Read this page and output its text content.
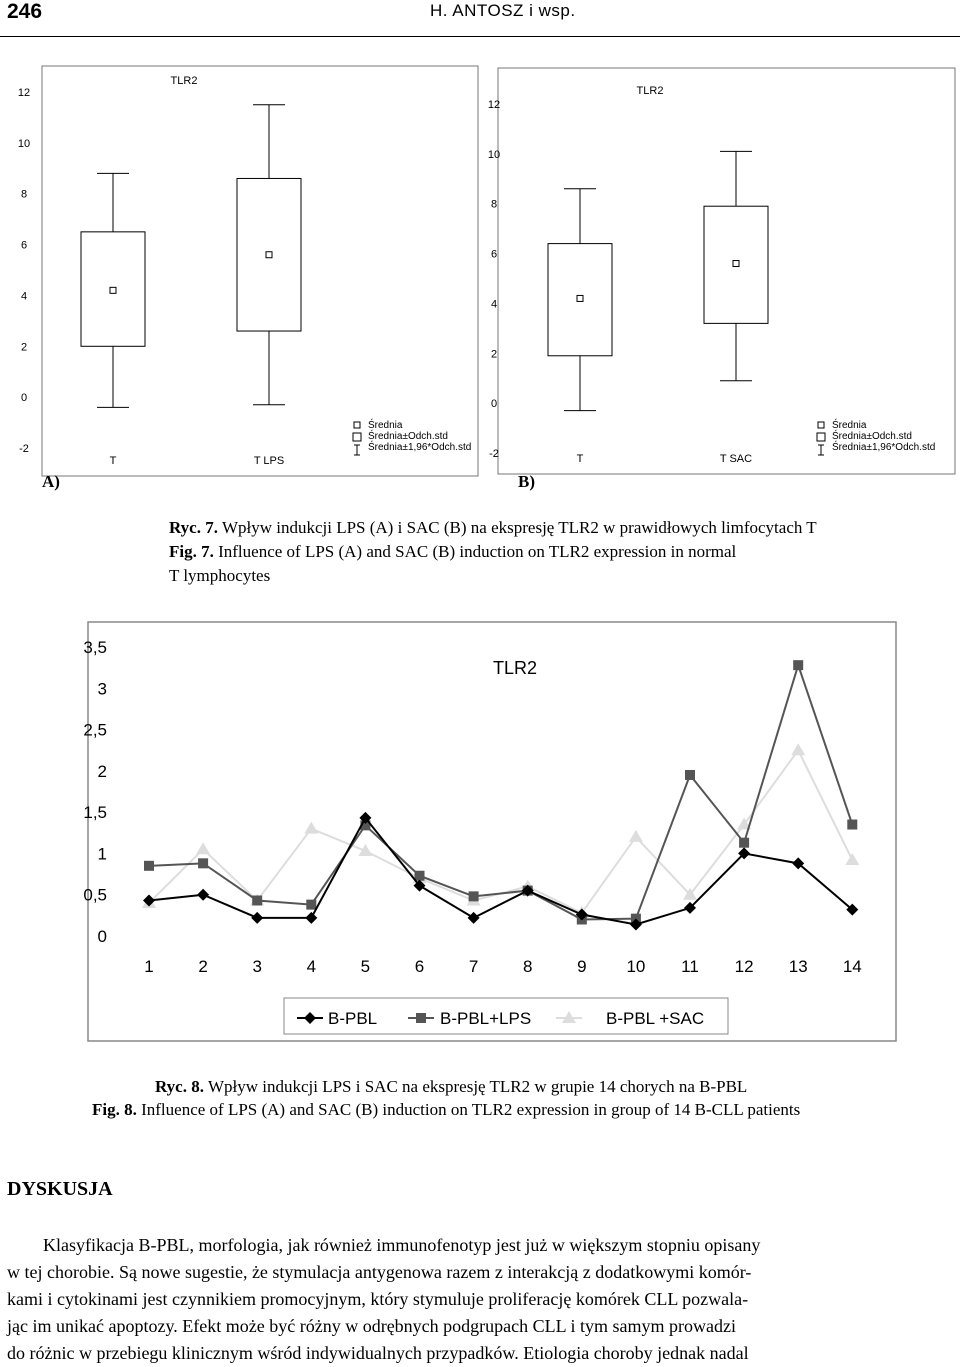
246	H. ANTOSZ i wsp.
TLR2
-2
0
2
4
6
8
10
12
T	T LPS
Średnia
Średnia±Odch.std
Średnia±1,96*Odch.std
TLR2
-2
0
2
4
6
8
10
12
T	T SAC
Średnia
Średnia±Odch.std
Średnia±1,96*Odch.std
A)	B)
Ryc. 7. Wpływ indukcji LPS (A) i SAC (B) na ekspresję TLR2 w prawidłowych limfocytach T
Fig. 7. Influence of LPS (A) and SAC (B) induction on TLR2 expression in normal
T lymphocytes
TLR2
0
0,5
1
1,5
2
2,5
3
3,5
1	2	3	4	5	6	7	8	9 10 11 12 13 14
B-PBL	B-PBL+LPS	B-PBL +SAC
Ryc. 8. Wpływ indukcji LPS i SAC na ekspresję TLR2 w grupie 14 chorych na B-PBL
Fig. 8. Influence of LPS (A) and SAC (B) induction on TLR2 expression in group of 14 B-CLL patients
DYSKUSJA
Klasyfikacja B-PBL, morfologia, jak również immunofenotyp jest już w większym stopniu opisany
w tej chorobie. Są nowe sugestie, że stymulacja antygenowa razem z interakcją z dodatkowymi komór-
kami i cytokinami jest czynnikiem promocyjnym, który stymuluje proliferację komórek CLL pozwala-
jąc im unikać apoptozy. Efekt może być różny w odrębnych podgrupach CLL i tym samym prowadzi
do różnic w przebiegu klinicznym wśród indywidualnych przypadków. Etiologia choroby jednak nadal
